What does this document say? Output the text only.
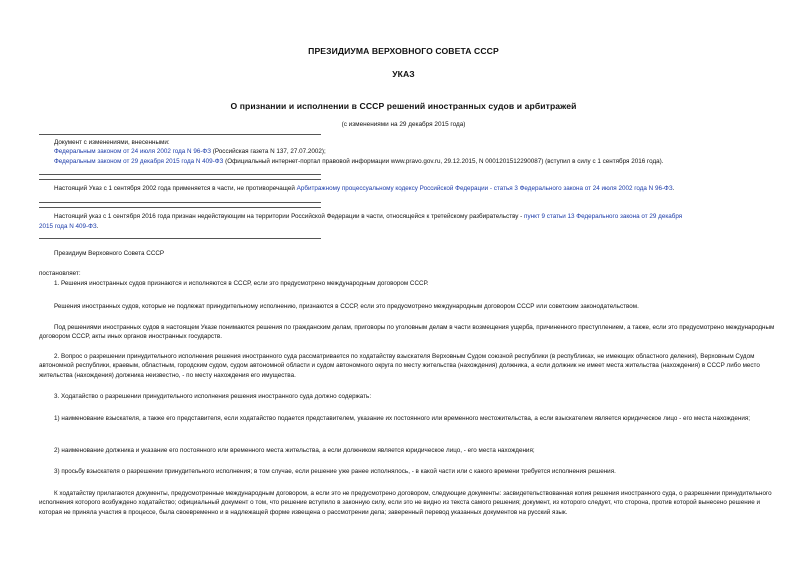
ПРЕЗИДИУМА ВЕРХОВНОГО СОВЕТА СССР
УКАЗ
О признании и исполнении в СССР решений иностранных судов и арбитражей
(с изменениями на 29 декабря 2015 года)
Документ с изменениями, внесенными:
Федеральным законом от 24 июля 2002 года N 96-ФЗ (Российская газета N 137, 27.07.2002);
Федеральным законом от 29 декабря 2015 года N 409-ФЗ (Официальный интернет-портал правовой информации www.pravo.gov.ru, 29.12.2015, N 0001201512290087) (вступил в силу с 1 сентября 2016 года).
Настоящий Указ с 1 сентября 2002 года применяется в части, не противоречащей Арбитражному процессуальному кодексу Российской Федерации - статья 3 Федерального закона от 24 июля 2002 года N 96-ФЗ.
Настоящий указ с 1 сентября 2016 года признан недействующим на территории Российской Федерации в части, относящейся к третейскому разбирательству - пункт 9 статьи 13 Федерального закона от 29 декабря
2015 года N 409-ФЗ.
Президиум Верховного Совета СССР
постановляет:
1. Решения иностранных судов признаются и исполняются в СССР, если это предусмотрено международным договором СССР.
Решения иностранных судов, которые не подлежат принудительному исполнению, признаются в СССР, если это предусмотрено международным договором СССР или советским законодательством.
Под решениями иностранных судов в настоящем Указе понимаются решения по гражданским делам, приговоры по уголовным делам в части возмещения ущерба, причиненного преступлением, а также, если это предусмотрено международным договором СССР, акты иных органов иностранных государств.
2. Вопрос о разрешении принудительного исполнения решения иностранного суда рассматривается по ходатайству взыскателя Верховным Судом союзной республики (в республиках, не имеющих областного деления), Верховным Судом автономной республики, краевым, областным, городским судом, судом автономной области и судом автономного округа по месту жительства (нахождения) должника, а если должник не имеет места жительства (нахождения) в СССР либо место жительства (нахождения) должника неизвестно, - по месту нахождения его имущества.
3. Ходатайство о разрешении принудительного исполнения решения иностранного суда должно содержать:
1) наименование взыскателя, а также его представителя, если ходатайство подается представителем, указание их постоянного или временного местожительства, а если взыскателем является юридическое лицо - его места нахождения;
2) наименование должника и указание его постоянного или временного места жительства, а если должником является юридическое лицо, - его места нахождения;
3) просьбу взыскателя о разрешении принудительного исполнения; в том случае, если решение уже ранее исполнялось, - в какой части или с какого времени требуется исполнения решения.
К ходатайству прилагаются документы, предусмотренные международным договором, а если это не предусмотрено договором, следующие документы: засвидетельствованная копия решения иностранного суда, о разрешении принудительного исполнения которого возбуждено ходатайство; официальный документ о том, что решение вступило в законную силу, если это не видно из текста самого решения; документ, из которого следует, что сторона, против которой вынесено решение и которая не приняла участия в процессе, была своевременно и в надлежащей форме извещена о рассмотрении дела; заверенный перевод указанных документов на русский язык.
